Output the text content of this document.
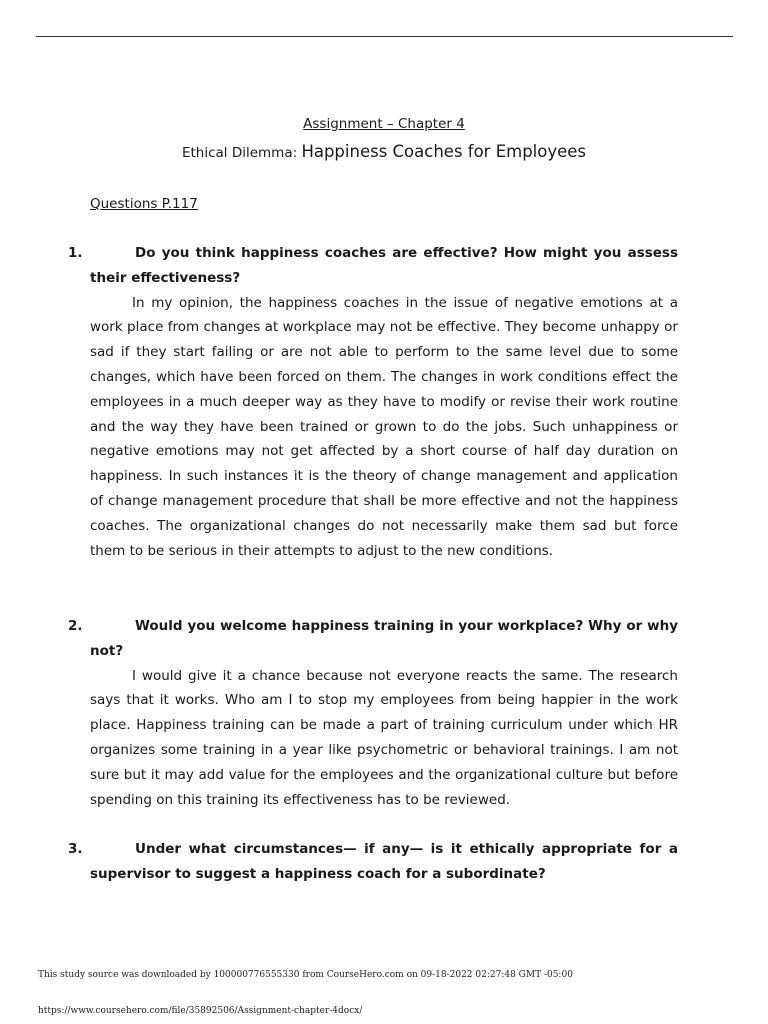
Assignment – Chapter 4
Ethical Dilemma: Happiness Coaches for Employees
Questions P.117
1.	Do you think happiness coaches are effective? How might you assess their effectiveness?
In my opinion, the happiness coaches in the issue of negative emotions at a work place from changes at workplace may not be effective. They become unhappy or sad if they start failing or are not able to perform to the same level due to some changes, which have been forced on them. The changes in work conditions effect the employees in a much deeper way as they have to modify or revise their work routine and the way they have been trained or grown to do the jobs. Such unhappiness or negative emotions may not get affected by a short course of half day duration on happiness. In such instances it is the theory of change management and application of change management procedure that shall be more effective and not the happiness coaches. The organizational changes do not necessarily make them sad but force them to be serious in their attempts to adjust to the new conditions.
2.	Would you welcome happiness training in your workplace? Why or why not?
I would give it a chance because not everyone reacts the same. The research says that it works. Who am I to stop my employees from being happier in the work place. Happiness training can be made a part of training curriculum under which HR organizes some training in a year like psychometric or behavioral trainings. I am not sure but it may add value for the employees and the organizational culture but before spending on this training its effectiveness has to be reviewed.
3.	Under what circumstances— if any— is it ethically appropriate for a supervisor to suggest a happiness coach for a subordinate?
This study source was downloaded by 100000776555330 from CourseHero.com on 09-18-2022 02:27:48 GMT -05:00
https://www.coursehero.com/file/35892506/Assignment-chapter-4docx/
